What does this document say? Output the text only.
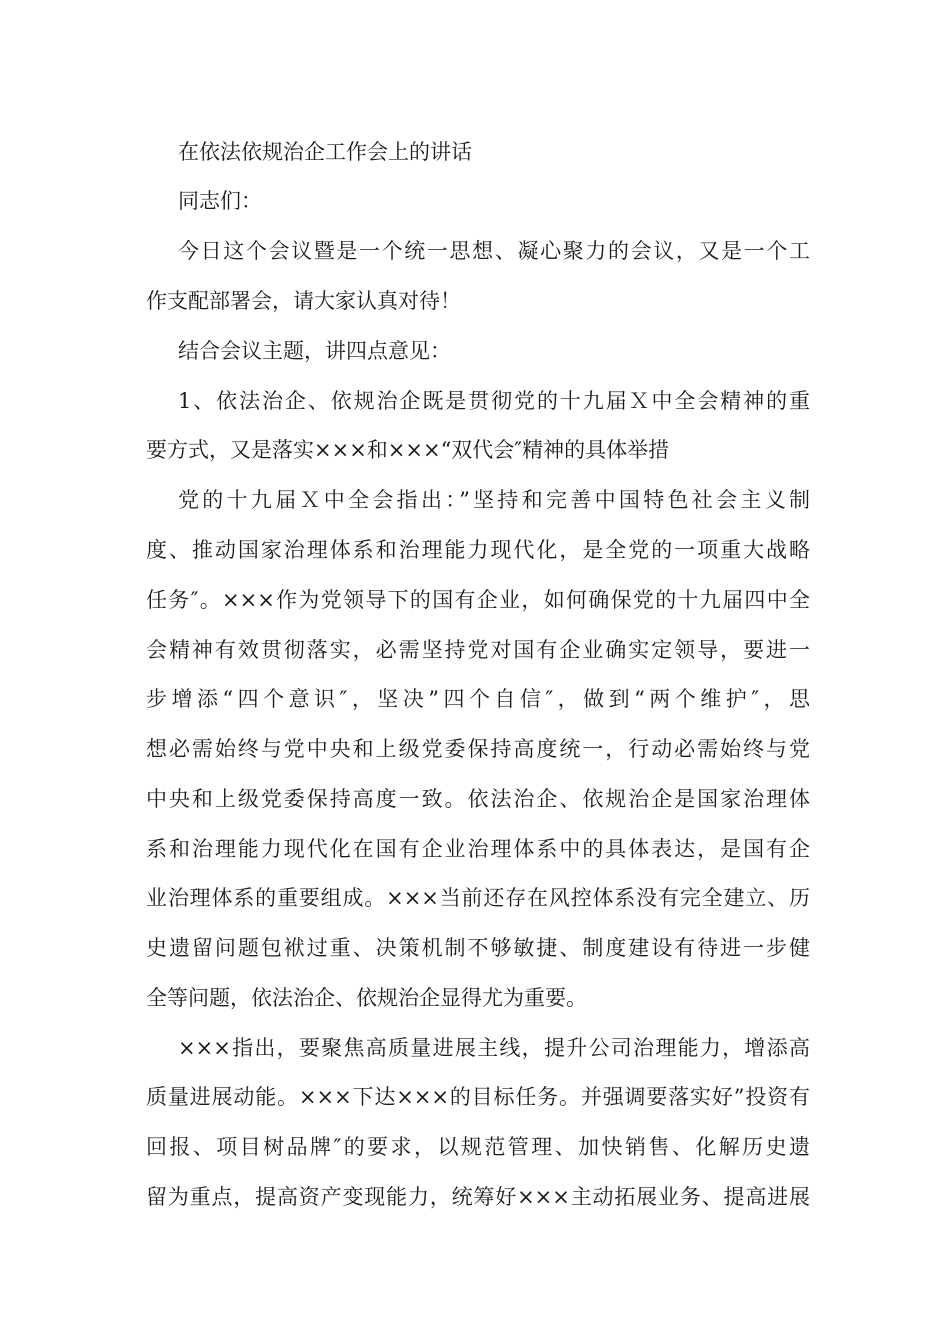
在依法依规治企工作会上的讲话
同志们：
今日这个会议暨是一个统一思想、凝心聚力的会议，又是一个工
作支配部署会，请大家认真对待！
结合会议主题，讲四点意见：
1、依法治企、依规治企既是贯彻党的十九届Ｘ中全会精神的重
要方式，又是落实×××和×××“双代会″精神的具体举措
党的十九届Ｘ中全会指出：”坚持和完善中国特色社会主义制
度、推动国家治理体系和治理能力现代化，是全党的一项重大战略
任务″。×××作为党领导下的国有企业，如何确保党的十九届四中全
会精神有效贯彻落实，必需坚持党对国有企业确实定领导，要进一
步增添“四个意识″，坚决”四个自信″，做到“两个维护″，思
想必需始终与党中央和上级党委保持高度统一，行动必需始终与党
中央和上级党委保持高度一致。依法治企、依规治企是国家治理体
系和治理能力现代化在国有企业治理体系中的具体表达，是国有企
业治理体系的重要组成。×××当前还存在风控体系没有完全建立、历
史遗留问题包袱过重、决策机制不够敏捷、制度建设有待进一步健
全等问题，依法治企、依规治企显得尤为重要。
×××指出，要聚焦高质量进展主线，提升公司治理能力，增添高
质量进展动能。×××下达×××的目标任务。并强调要落实好”投资有
回报、项目树品牌″的要求，以规范管理、加快销售、化解历史遗
留为重点，提高资产变现能力，统筹好×××主动拓展业务、提高进展
